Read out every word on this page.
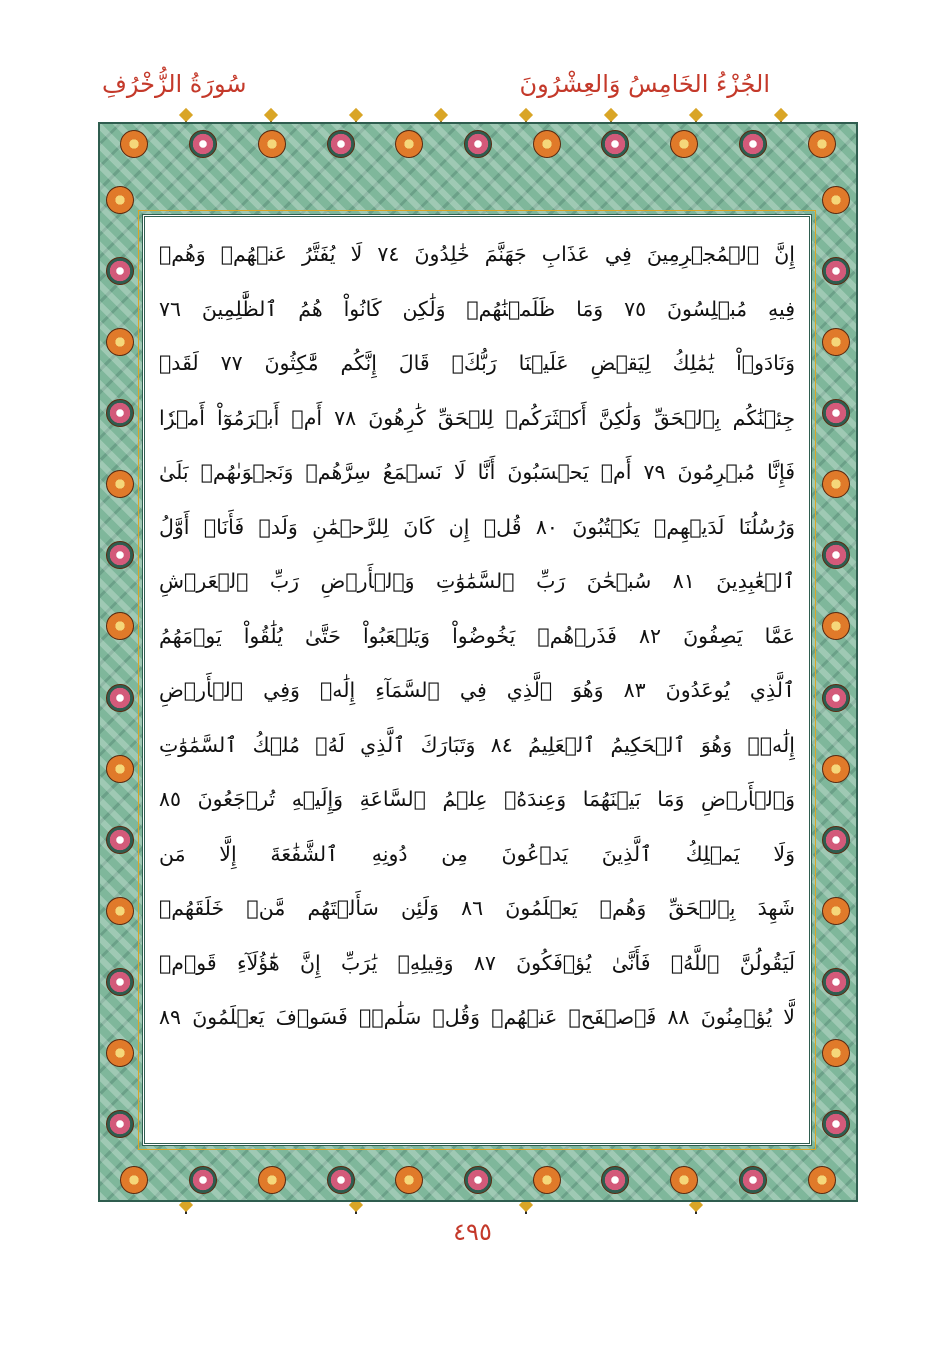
سُورَةُ الزُّخْرُفِ	الجُزْءُ الخَامِسُ وَالعِشْرُونَ
إِنَّ ٱلۡمُجۡرِمِينَ فِي عَذَابِ جَهَنَّمَ خَٰلِدُونَ ٧٤ لَا يُفَتَّرُ عَنۡهُمۡ وَهُمۡ
فِيهِ مُبۡلِسُونَ ٧٥ وَمَا ظَلَمۡنَٰهُمۡ وَلَٰكِن كَانُواْ هُمُ ٱلظَّٰلِمِينَ ٧٦
وَنَادَوۡاْ يَٰمَٰلِكُ لِيَقۡضِ عَلَيۡنَا رَبُّكَۖ قَالَ إِنَّكُم مَّٰكِثُونَ ٧٧ لَقَدۡ
جِئۡنَٰكُم بِٱلۡحَقِّ وَلَٰكِنَّ أَكۡثَرَكُمۡ لِلۡحَقِّ كَٰرِهُونَ ٧٨ أَمۡ أَبۡرَمُوٓاْ أَمۡرٗا
فَإِنَّا مُبۡرِمُونَ ٧٩ أَمۡ يَحۡسَبُونَ أَنَّا لَا نَسۡمَعُ سِرَّهُمۡ وَنَجۡوَىٰهُمۚ بَلَىٰ
وَرُسُلُنَا لَدَيۡهِمۡ يَكۡتُبُونَ ٨٠ قُلۡ إِن كَانَ لِلرَّحۡمَٰنِ وَلَدٞ فَأَنَا۠ أَوَّلُ
ٱلۡعَٰبِدِينَ ٨١ سُبۡحَٰنَ رَبِّ ٱلسَّمَٰوَٰتِ وَٱلۡأَرۡضِ رَبِّ ٱلۡعَرۡشِ
عَمَّا يَصِفُونَ ٨٢ فَذَرۡهُمۡ يَخُوضُواْ وَيَلۡعَبُواْ حَتَّىٰ يُلَٰقُواْ يَوۡمَهُمُ
ٱلَّذِي يُوعَدُونَ ٨٣ وَهُوَ ٱلَّذِي فِي ٱلسَّمَآءِ إِلَٰهٞ وَفِي ٱلۡأَرۡضِ
إِلَٰهٞۚ وَهُوَ ٱلۡحَكِيمُ ٱلۡعَلِيمُ ٨٤ وَتَبَارَكَ ٱلَّذِي لَهُۥ مُلۡكُ ٱلسَّمَٰوَٰتِ
وَٱلۡأَرۡضِ وَمَا بَيۡنَهُمَا وَعِندَهُۥ عِلۡمُ ٱلسَّاعَةِ وَإِلَيۡهِ تُرۡجَعُونَ ٨٥
وَلَا يَمۡلِكُ ٱلَّذِينَ يَدۡعُونَ مِن دُونِهِ ٱلشَّفَٰعَةَ إِلَّا مَن
شَهِدَ بِٱلۡحَقِّ وَهُمۡ يَعۡلَمُونَ ٨٦ وَلَئِن سَأَلۡتَهُم مَّنۡ خَلَقَهُمۡ
لَيَقُولُنَّ ٱللَّهُۖ فَأَنَّىٰ يُؤۡفَكُونَ ٨٧ وَقِيلِهِۦ يَٰرَبِّ إِنَّ هَٰٓؤُلَآءِ قَوۡمٞ
لَّا يُؤۡمِنُونَ ٨٨ فَٱصۡفَحۡ عَنۡهُمۡ وَقُلۡ سَلَٰمٞۚ فَسَوۡفَ يَعۡلَمُونَ ٨٩
٤٩٥
